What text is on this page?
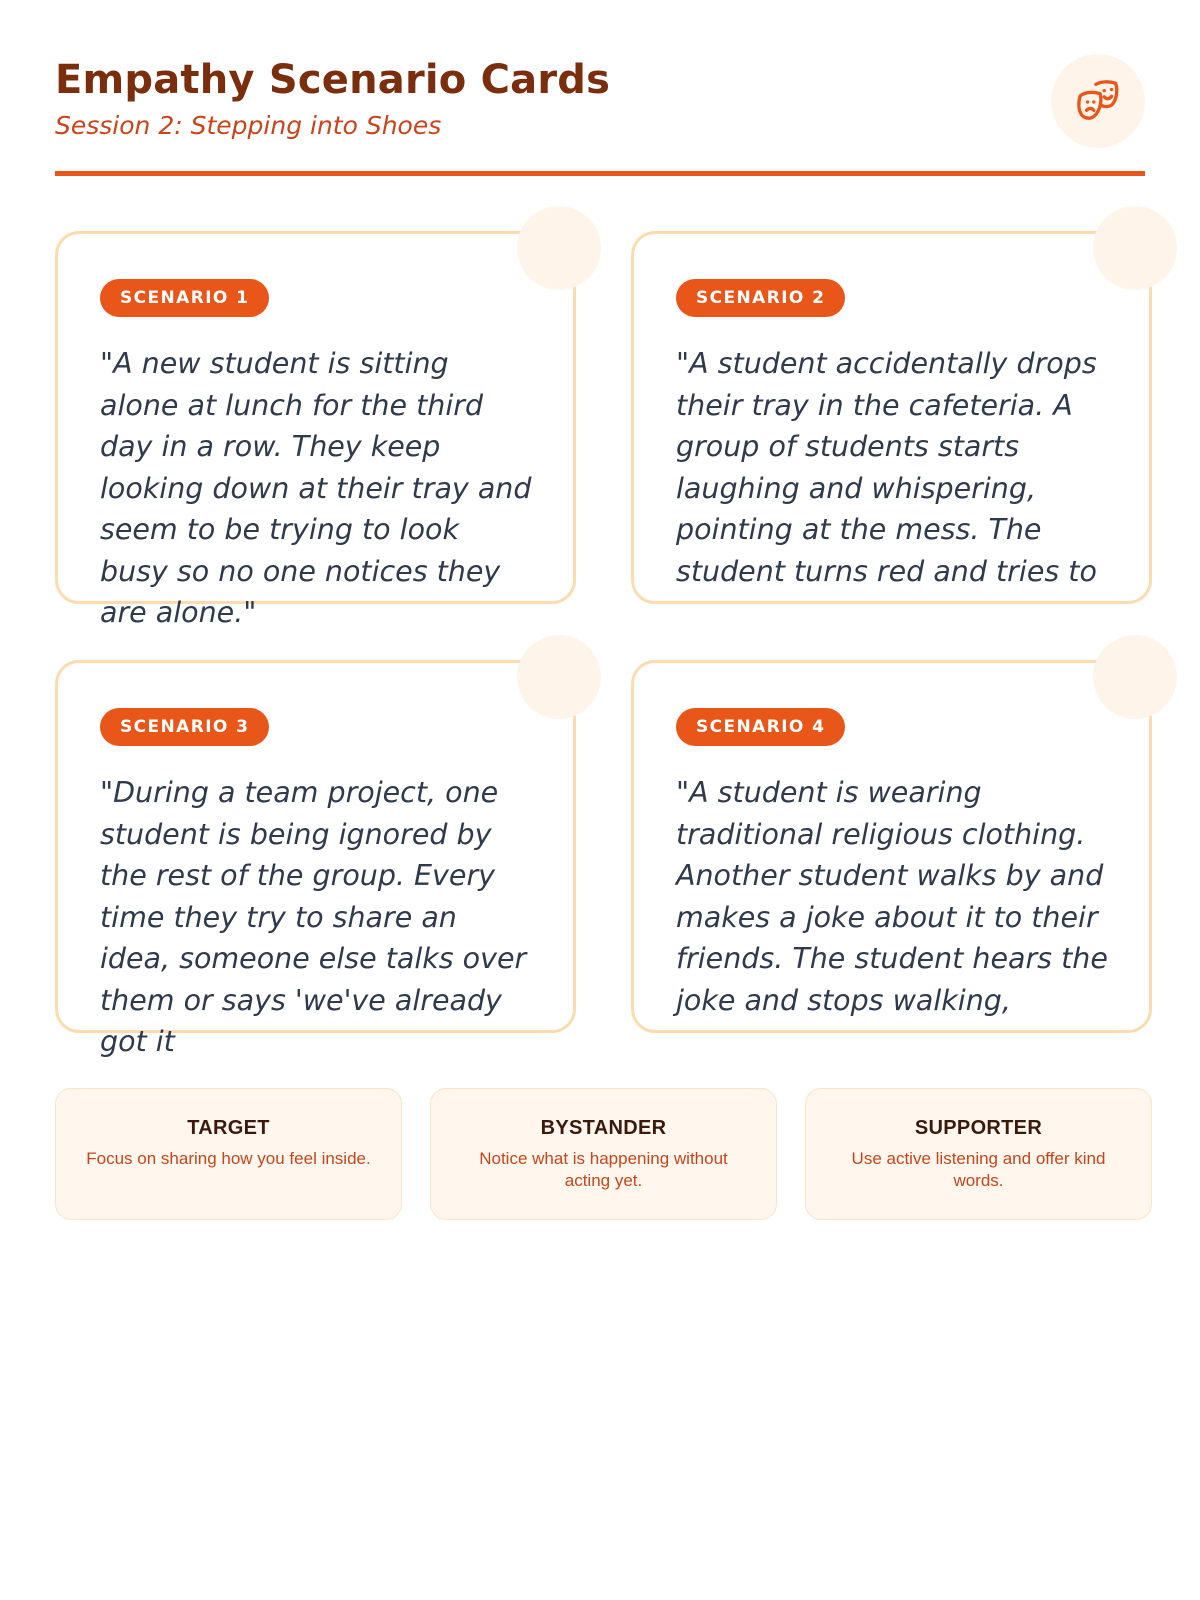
Empathy Scenario Cards
Session 2: Stepping into Shoes
SCENARIO 1

"A new student is sitting alone at lunch for the third day in a row. They keep looking down at their tray and seem to be trying to look busy so no one notices they are alone."

SCENARIO 2

"A student accidentally drops their tray in the cafeteria. A group of students starts laughing and whispering, pointing at the mess. The student turns red and tries to

SCENARIO 3

"During a team project, one student is being ignored by the rest of the group. Every time they try to share an idea, someone else talks over them or says 'we've already got it

SCENARIO 4

"A student is wearing traditional religious clothing. Another student walks by and makes a joke about it to their friends. The student hears the joke and stops walking,

TARGET
Focus on sharing how you feel inside.
BYSTANDER
Notice what is happening without acting yet.
SUPPORTER
Use active listening and offer kind words.
